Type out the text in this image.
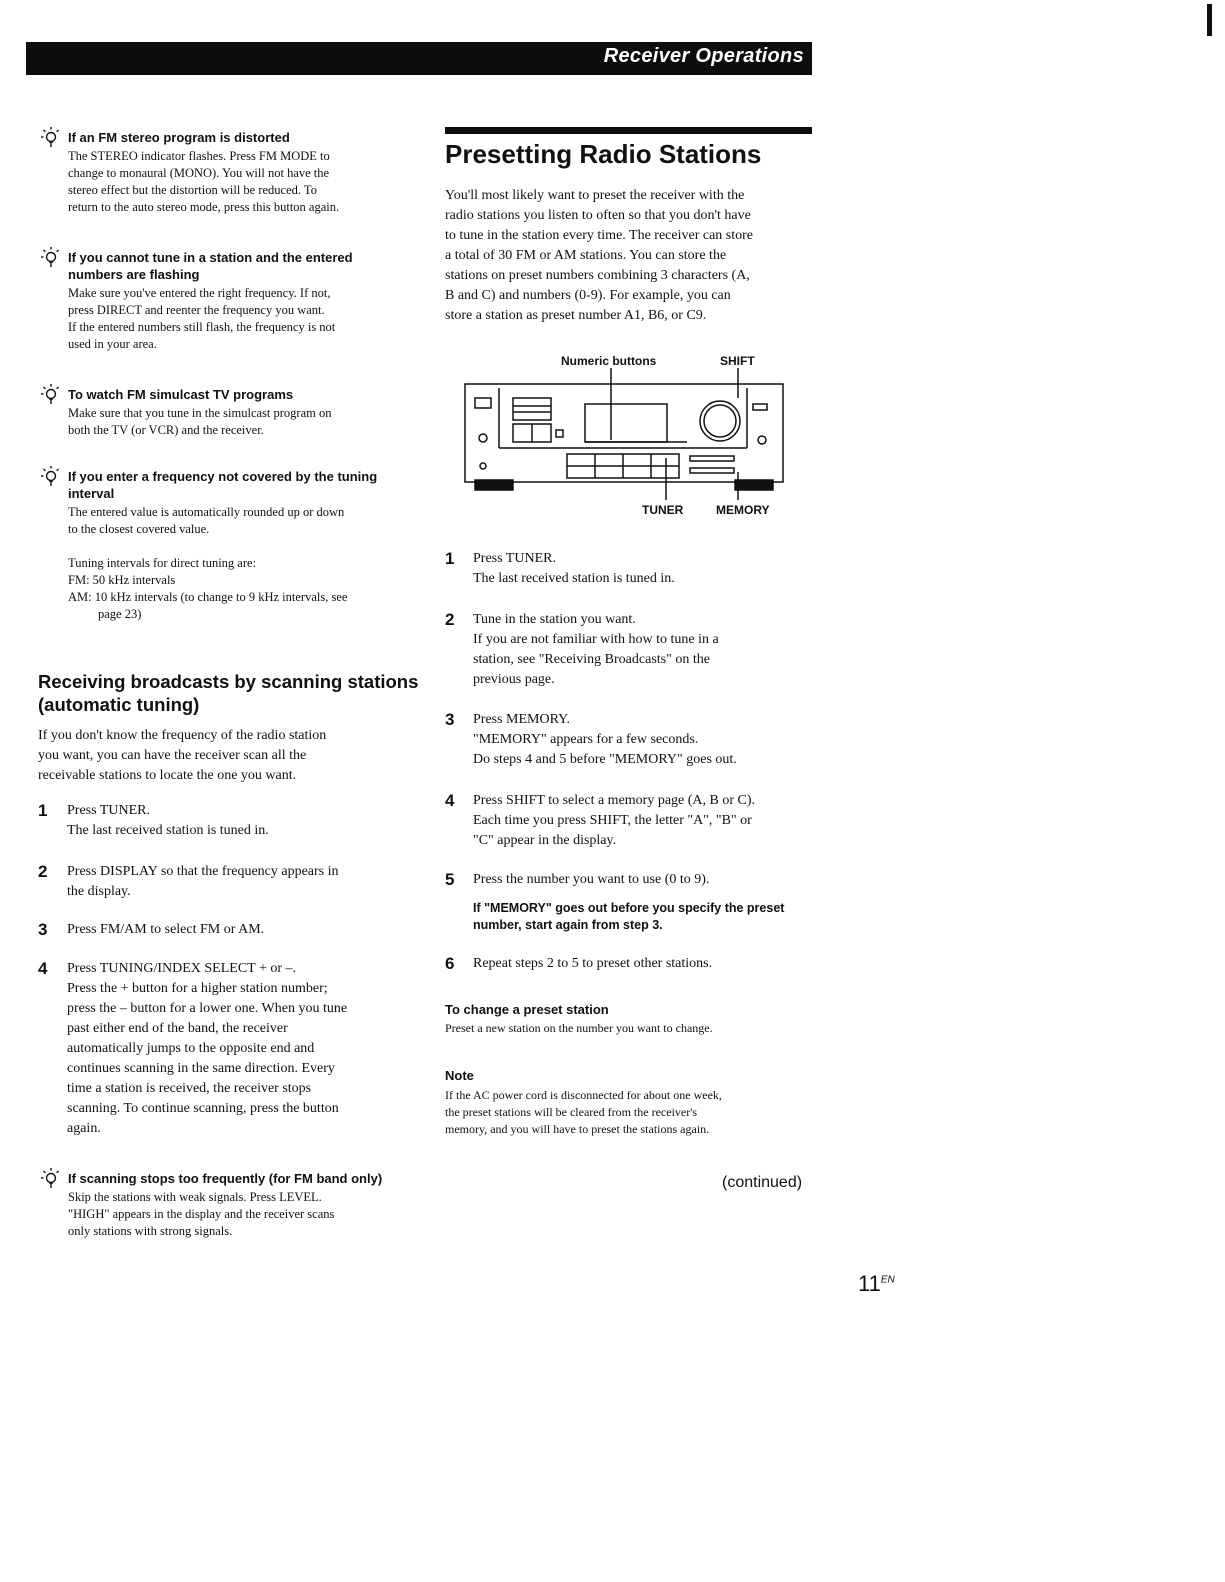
Receiver Operations
If an FM stereo program is distorted
The STEREO indicator flashes. Press FM MODE to
change to monaural (MONO). You will not have the
stereo effect but the distortion will be reduced. To
return to the auto stereo mode, press this button again.
If you cannot tune in a station and the entered
numbers are flashing
Make sure you've entered the right frequency. If not,
press DIRECT and reenter the frequency you want.
If the entered numbers still flash, the frequency is not
used in your area.
To watch FM simulcast TV programs
Make sure that you tune in the simulcast program on
both the TV (or VCR) and the receiver.
If you enter a frequency not covered by the tuning
interval
The entered value is automatically rounded up or down
to the closest covered value.
Tuning intervals for direct tuning are:
FM: 50 kHz intervals
AM: 10 kHz intervals (to change to 9 kHz intervals, see
page 23)
Receiving broadcasts by scanning stations
(automatic tuning)
If you don't know the frequency of the radio station
you want, you can have the receiver scan all the
receivable stations to locate the one you want.
1 Press TUNER.
The last received station is tuned in.
2 Press DISPLAY so that the frequency appears in
the display.
3 Press FM/AM to select FM or AM.
4 Press TUNING/INDEX SELECT + or –.
Press the + button for a higher station number;
press the – button for a lower one. When you tune
past either end of the band, the receiver
automatically jumps to the opposite end and
continues scanning in the same direction. Every
time a station is received, the receiver stops
scanning. To continue scanning, press the button
again.
If scanning stops too frequently (for FM band only)
Skip the stations with weak signals. Press LEVEL.
"HIGH" appears in the display and the receiver scans
only stations with strong signals.
Presetting Radio Stations
You'll most likely want to preset the receiver with the
radio stations you listen to often so that you don't have
to tune in the station every time. The receiver can store
a total of 30 FM or AM stations. You can store the
stations on preset numbers combining 3 characters (A,
B and C) and numbers (0-9). For example, you can
store a station as preset number A1, B6, or C9.
Numeric buttons	SHIFT
TUNER	MEMORY
1 Press TUNER.
The last received station is tuned in.
2 Tune in the station you want.
If you are not familiar with how to tune in a
station, see "Receiving Broadcasts" on the
previous page.
3 Press MEMORY.
"MEMORY" appears for a few seconds.
Do steps 4 and 5 before "MEMORY" goes out.
4 Press SHIFT to select a memory page (A, B or C).
Each time you press SHIFT, the letter "A", "B" or
"C" appear in the display.
5 Press the number you want to use (0 to 9).
If "MEMORY" goes out before you specify the preset
number, start again from step 3.
6 Repeat steps 2 to 5 to preset other stations.
To change a preset station
Preset a new station on the number you want to change.
Note
If the AC power cord is disconnected for about one week,
the preset stations will be cleared from the receiver's
memory, and you will have to preset the stations again.
(continued)
$11^{EN}$
